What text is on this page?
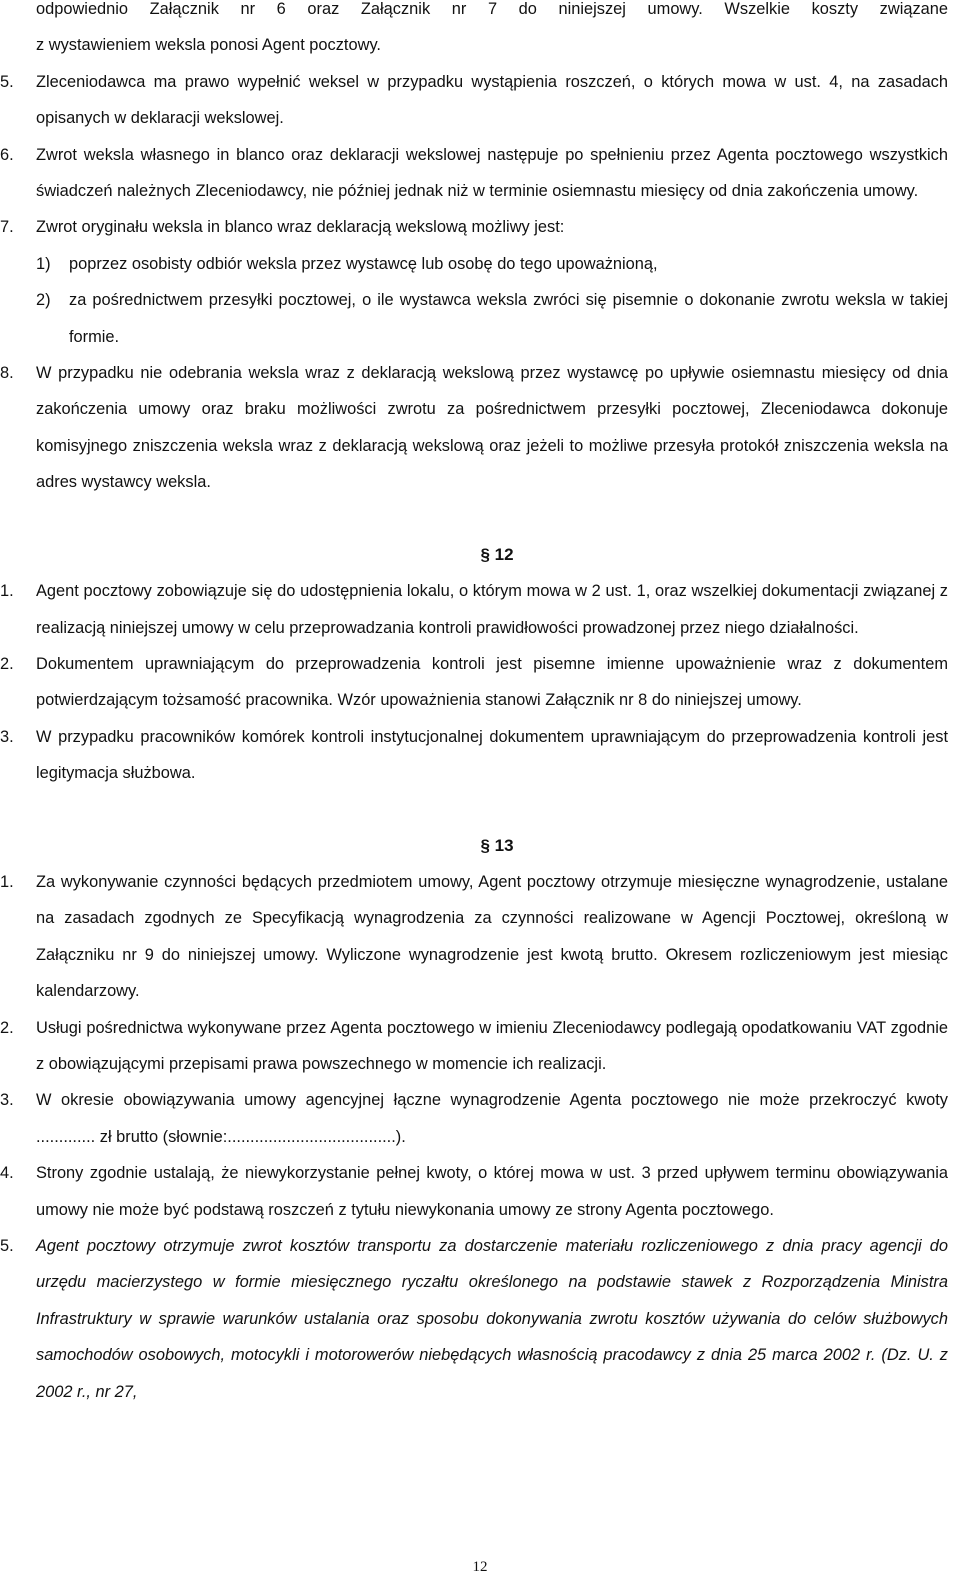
odpowiednio Załącznik nr 6 oraz Załącznik nr 7 do niniejszej umowy. Wszelkie koszty związane
z wystawieniem weksla ponosi Agent pocztowy.
5.	Zleceniodawca ma prawo wypełnić weksel w przypadku wystąpienia roszczeń, o których mowa w ust. 4, na zasadach opisanych w deklaracji wekslowej.
6.	Zwrot weksla własnego in blanco oraz deklaracji wekslowej następuje po spełnieniu przez Agenta pocztowego wszystkich świadczeń należnych Zleceniodawcy, nie później jednak niż w terminie osiemnastu miesięcy od dnia zakończenia umowy.
7.	Zwrot oryginału weksla in blanco wraz deklaracją wekslową możliwy jest:
1)	poprzez osobisty odbiór weksla przez wystawcę lub osobę do tego upoważnioną,
2)	za pośrednictwem przesyłki pocztowej, o ile wystawca weksla zwróci się pisemnie o dokonanie zwrotu weksla w takiej formie.
8.	W przypadku nie odebrania weksla wraz z deklaracją wekslową przez wystawcę po upływie osiemnastu miesięcy od dnia zakończenia umowy oraz braku możliwości zwrotu za pośrednictwem przesyłki pocztowej, Zleceniodawca dokonuje komisyjnego zniszczenia weksla wraz z deklaracją wekslową oraz jeżeli to możliwe przesyła protokół zniszczenia weksla na adres wystawcy weksla.
§ 12
1.	Agent pocztowy zobowiązuje się do udostępnienia lokalu, o którym mowa w 2 ust. 1, oraz wszelkiej dokumentacji związanej z realizacją niniejszej umowy w celu przeprowadzania kontroli prawidłowości prowadzonej przez niego działalności.
2.	Dokumentem uprawniającym do przeprowadzenia kontroli jest pisemne imienne upoważnienie wraz z dokumentem potwierdzającym tożsamość pracownika. Wzór upoważnienia stanowi Załącznik nr 8 do niniejszej umowy.
3.	W przypadku pracowników komórek kontroli instytucjonalnej dokumentem uprawniającym do przeprowadzenia kontroli jest legitymacja służbowa.
§ 13
1.	Za wykonywanie czynności będących przedmiotem umowy, Agent pocztowy otrzymuje miesięczne wynagrodzenie, ustalane na zasadach zgodnych ze Specyfikacją wynagrodzenia za czynności realizowane w Agencji Pocztowej, określoną w Załączniku nr 9 do niniejszej umowy. Wyliczone wynagrodzenie jest kwotą brutto. Okresem rozliczeniowym jest miesiąc kalendarzowy.
2.	Usługi pośrednictwa wykonywane przez Agenta pocztowego w imieniu Zleceniodawcy podlegają opodatkowaniu VAT zgodnie z obowiązującymi przepisami prawa powszechnego w momencie ich realizacji.
3.	W okresie obowiązywania umowy agencyjnej łączne wynagrodzenie Agenta pocztowego nie może przekroczyć kwoty ............. zł brutto (słownie:.....................................).
4.	Strony zgodnie ustalają, że niewykorzystanie pełnej kwoty, o której mowa w ust. 3 przed upływem terminu obowiązywania umowy nie może być podstawą roszczeń z tytułu niewykonania umowy ze strony Agenta pocztowego.
5.	Agent pocztowy otrzymuje zwrot kosztów transportu za dostarczenie materiału rozliczeniowego z dnia pracy agencji do urzędu macierzystego w formie miesięcznego ryczałtu określonego na podstawie stawek z Rozporządzenia Ministra Infrastruktury w sprawie warunków ustalania oraz sposobu dokonywania zwrotu kosztów używania do celów służbowych samochodów osobowych, motocykli i motorowerów niebędących własnością pracodawcy z dnia 25 marca 2002 r. (Dz. U. z 2002 r., nr 27,
12
